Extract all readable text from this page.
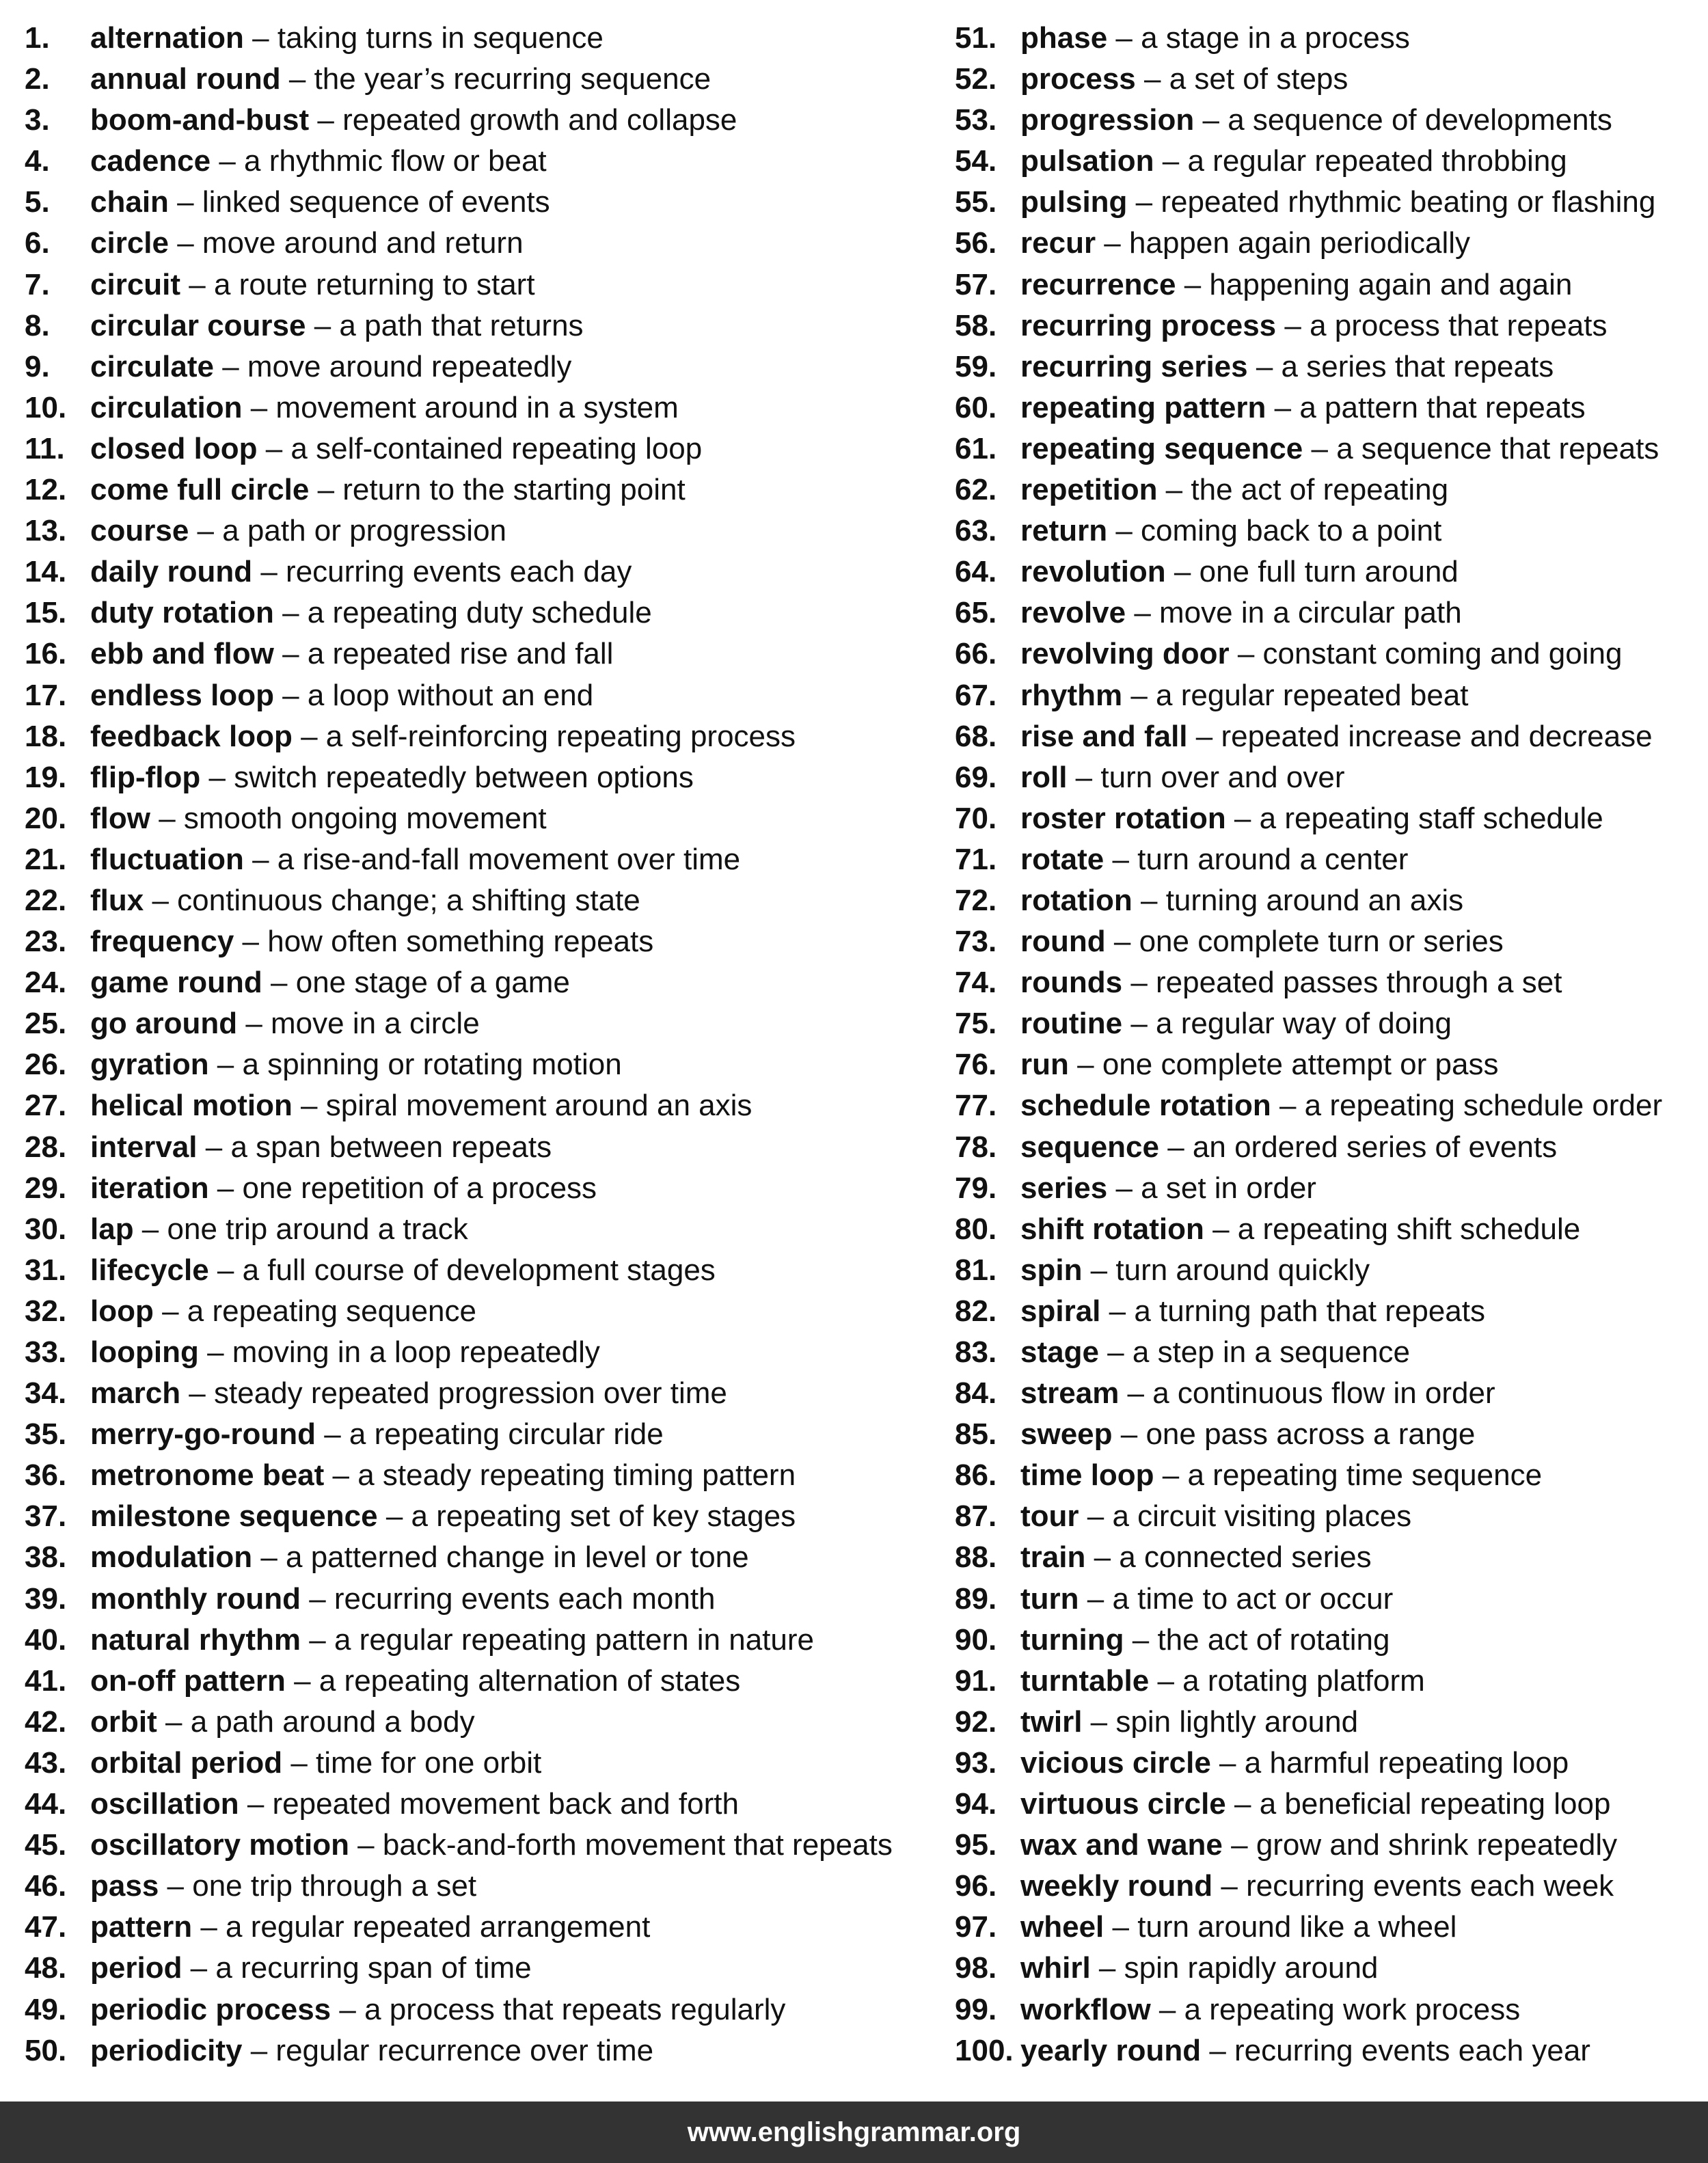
1. alternation – taking turns in sequence
2. annual round – the year’s recurring sequence
3. boom-and-bust – repeated growth and collapse
4. cadence – a rhythmic flow or beat
5. chain – linked sequence of events
6. circle – move around and return
7. circuit – a route returning to start
8. circular course – a path that returns
9. circulate – move around repeatedly
10. circulation – movement around in a system
11. closed loop – a self-contained repeating loop
12. come full circle – return to the starting point
13. course – a path or progression
14. daily round – recurring events each day
15. duty rotation – a repeating duty schedule
16. ebb and flow – a repeated rise and fall
17. endless loop – a loop without an end
18. feedback loop – a self-reinforcing repeating process
19. flip-flop – switch repeatedly between options
20. flow – smooth ongoing movement
21. fluctuation – a rise-and-fall movement over time
22. flux – continuous change; a shifting state
23. frequency – how often something repeats
24. game round – one stage of a game
25. go around – move in a circle
26. gyration – a spinning or rotating motion
27. helical motion – spiral movement around an axis
28. interval – a span between repeats
29. iteration – one repetition of a process
30. lap – one trip around a track
31. lifecycle – a full course of development stages
32. loop – a repeating sequence
33. looping – moving in a loop repeatedly
34. march – steady repeated progression over time
35. merry-go-round – a repeating circular ride
36. metronome beat – a steady repeating timing pattern
37. milestone sequence – a repeating set of key stages
38. modulation – a patterned change in level or tone
39. monthly round – recurring events each month
40. natural rhythm – a regular repeating pattern in nature
41. on-off pattern – a repeating alternation of states
42. orbit – a path around a body
43. orbital period – time for one orbit
44. oscillation – repeated movement back and forth
45. oscillatory motion – back-and-forth movement that repeats
46. pass – one trip through a set
47. pattern – a regular repeated arrangement
48. period – a recurring span of time
49. periodic process – a process that repeats regularly
50. periodicity – regular recurrence over time
51. phase – a stage in a process
52. process – a set of steps
53. progression – a sequence of developments
54. pulsation – a regular repeated throbbing
55. pulsing – repeated rhythmic beating or flashing
56. recur – happen again periodically
57. recurrence – happening again and again
58. recurring process – a process that repeats
59. recurring series – a series that repeats
60. repeating pattern – a pattern that repeats
61. repeating sequence – a sequence that repeats
62. repetition – the act of repeating
63. return – coming back to a point
64. revolution – one full turn around
65. revolve – move in a circular path
66. revolving door – constant coming and going
67. rhythm – a regular repeated beat
68. rise and fall – repeated increase and decrease
69. roll – turn over and over
70. roster rotation – a repeating staff schedule
71. rotate – turn around a center
72. rotation – turning around an axis
73. round – one complete turn or series
74. rounds – repeated passes through a set
75. routine – a regular way of doing
76. run – one complete attempt or pass
77. schedule rotation – a repeating schedule order
78. sequence – an ordered series of events
79. series – a set in order
80. shift rotation – a repeating shift schedule
81. spin – turn around quickly
82. spiral – a turning path that repeats
83. stage – a step in a sequence
84. stream – a continuous flow in order
85. sweep – one pass across a range
86. time loop – a repeating time sequence
87. tour – a circuit visiting places
88. train – a connected series
89. turn – a time to act or occur
90. turning – the act of rotating
91. turntable – a rotating platform
92. twirl – spin lightly around
93. vicious circle – a harmful repeating loop
94. virtuous circle – a beneficial repeating loop
95. wax and wane – grow and shrink repeatedly
96. weekly round – recurring events each week
97. wheel – turn around like a wheel
98. whirl – spin rapidly around
99. workflow – a repeating work process
100. yearly round – recurring events each year
www.englishgrammar.org
